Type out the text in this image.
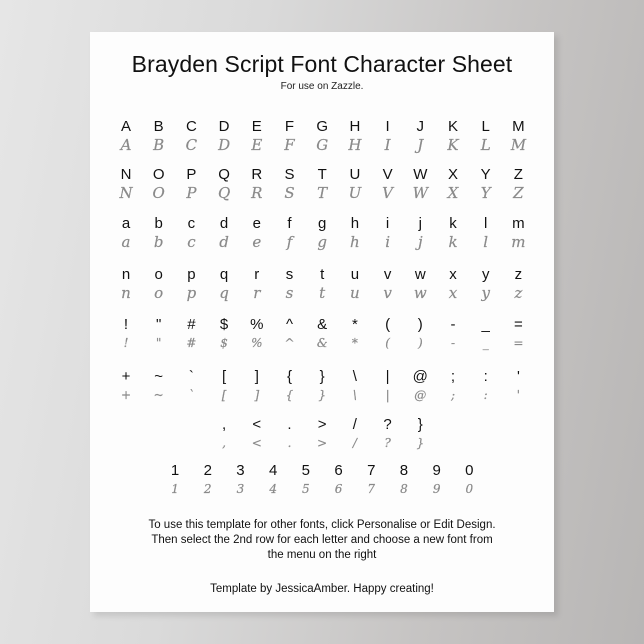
Brayden Script Font Character Sheet
For use on Zazzle.
A
A
B
B
C
C
D
D
E
E
F
F
G
G
H
H
I
I
J
J
K
K
L
L
M
M
N
N
O
O
P
P
Q
Q
R
R
S
S
T
T
U
U
V
V
W
W
X
X
Y
Y
Z
Z
a
a
b
b
c
c
d
d
e
e
f
f
g
g
h
h
i
i
j
j
k
k
l
l
m
m
n
n
o
o
p
p
q
q
r
r
s
s
t
t
u
u
v
v
w
w
x
x
y
y
z
z
!
!
"
"
#
#
$
$
%
%
^
^
&
&
*
*
(
(
)
)
-
-
_
_
=
=
+
+
~
~
`
`
[
[
]
]
{
{
}
}
\
\
|
|
@
@
;
;
:
:
'
'
,
,
<
<
.
.
>
>
/
/
?
?
}
}
1
1
2
2
3
3
4
4
5
5
6
6
7
7
8
8
9
9
0
0
To use this template for other fonts, click Personalise or Edit Design.
Then select the 2nd row for each letter and choose a new font from
the menu on the right
Template by JessicaAmber. Happy creating!
